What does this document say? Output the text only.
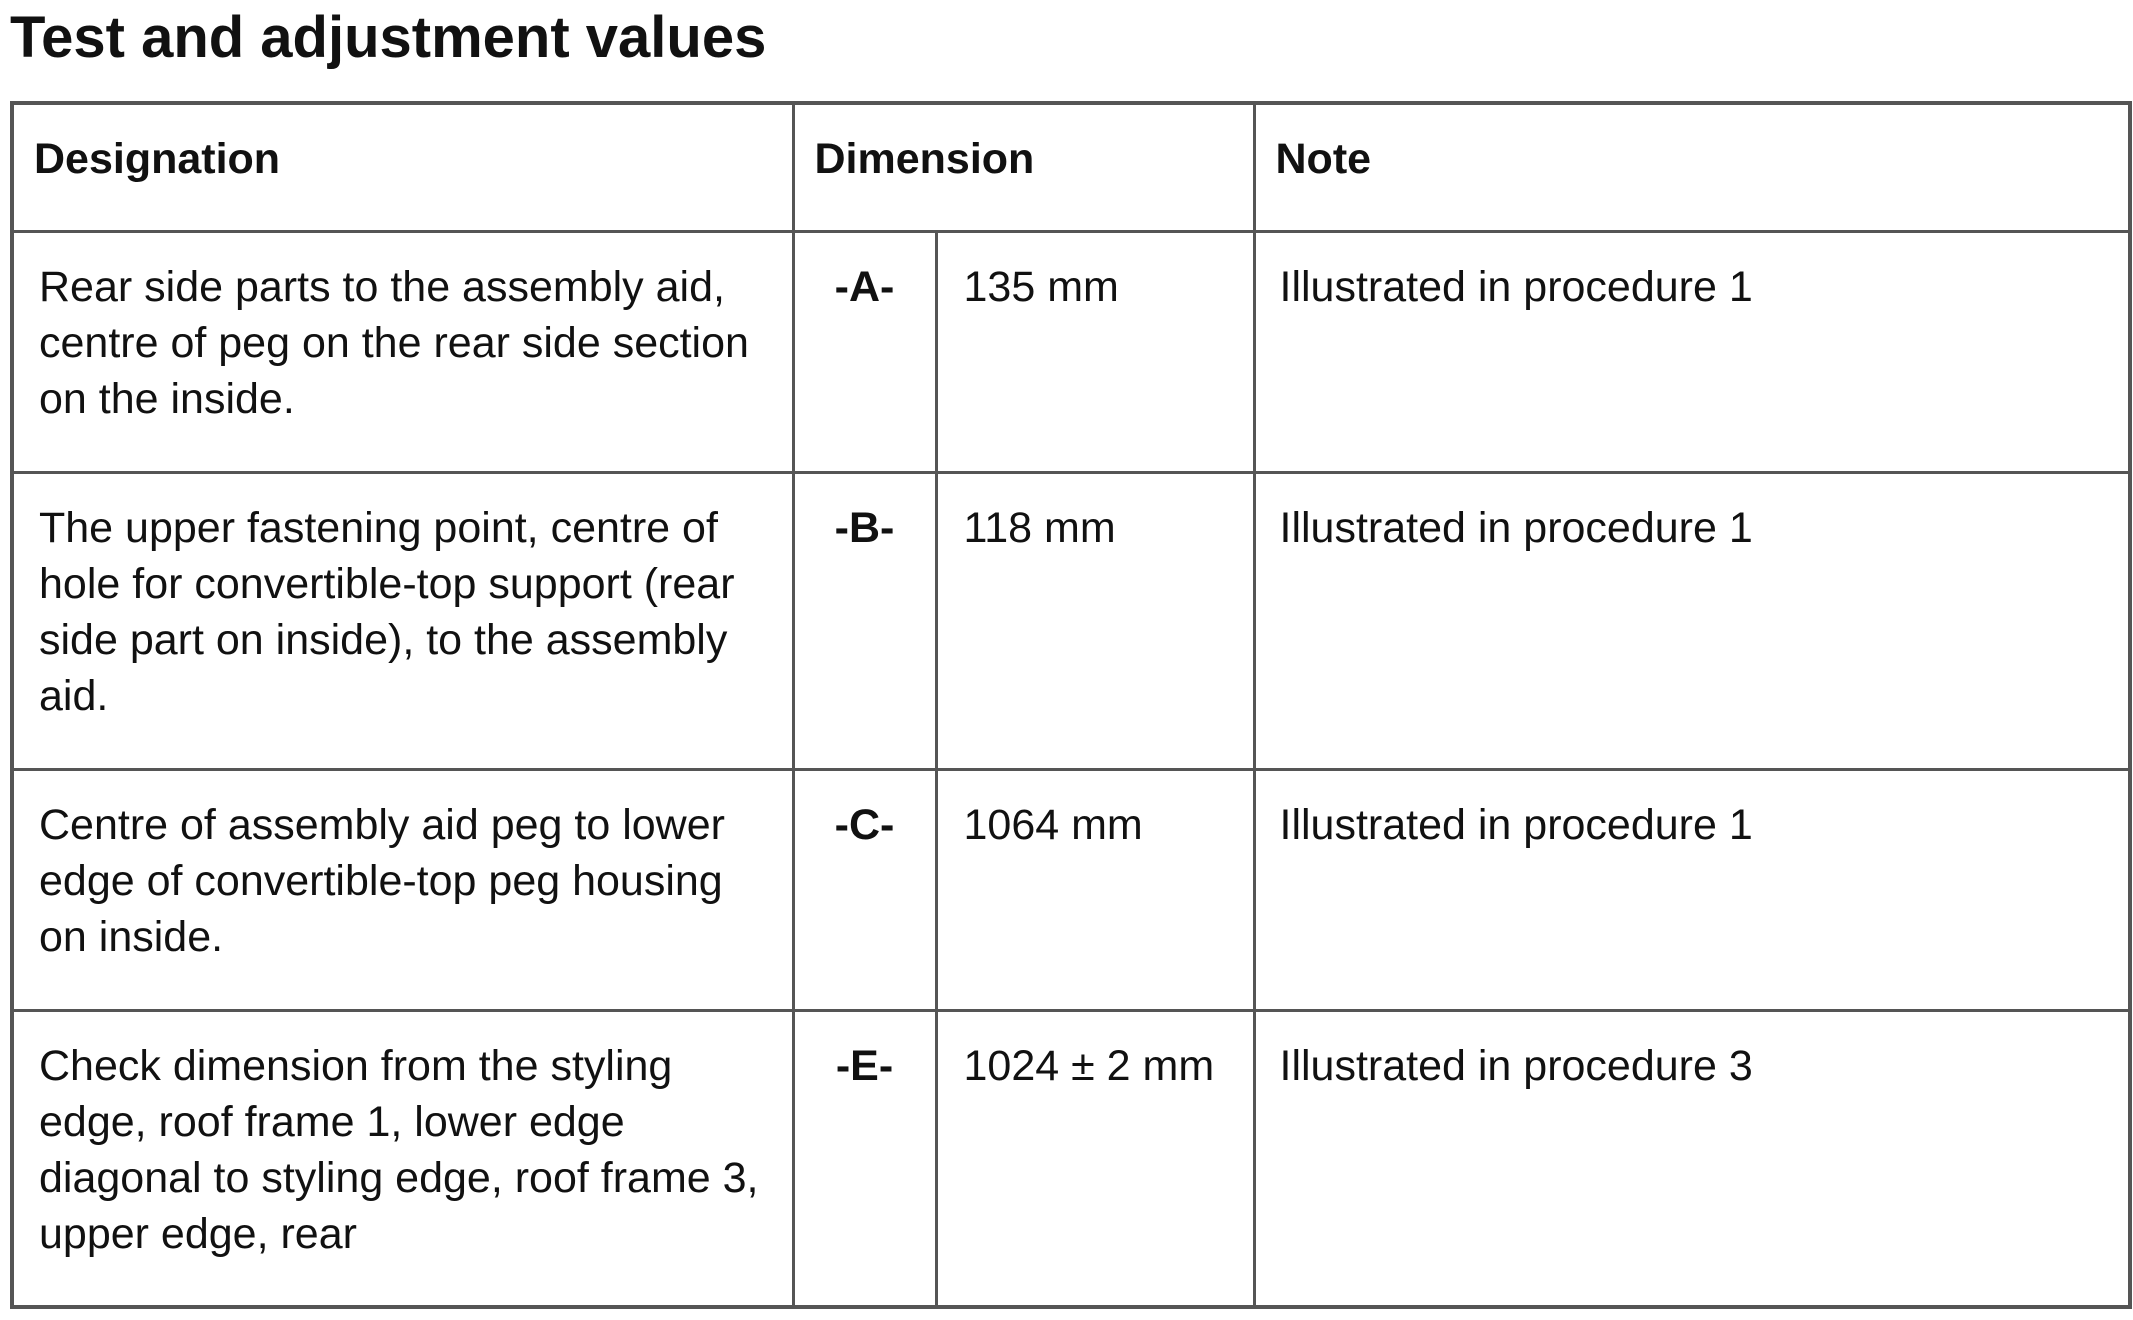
Test and adjustment values
Designation	Dimension		Note
Rear side parts to the assembly aid, centre of peg on the rear side section on the inside.	-A-	135 mm	Illustrated in procedure 1
The upper fastening point, centre of hole for convertible-top support (rear side part on inside), to the assembly aid.	-B-	118 mm	Illustrated in procedure 1
Centre of assembly aid peg to lower edge of convertible-top peg housing on inside.	-C-	1064 mm	Illustrated in procedure 1
Check dimension from the styling edge, roof frame 1, lower edge diagonal to styling edge, roof frame 3, upper edge, rear	-E-	1024 ± 2 mm	Illustrated in procedure 3
